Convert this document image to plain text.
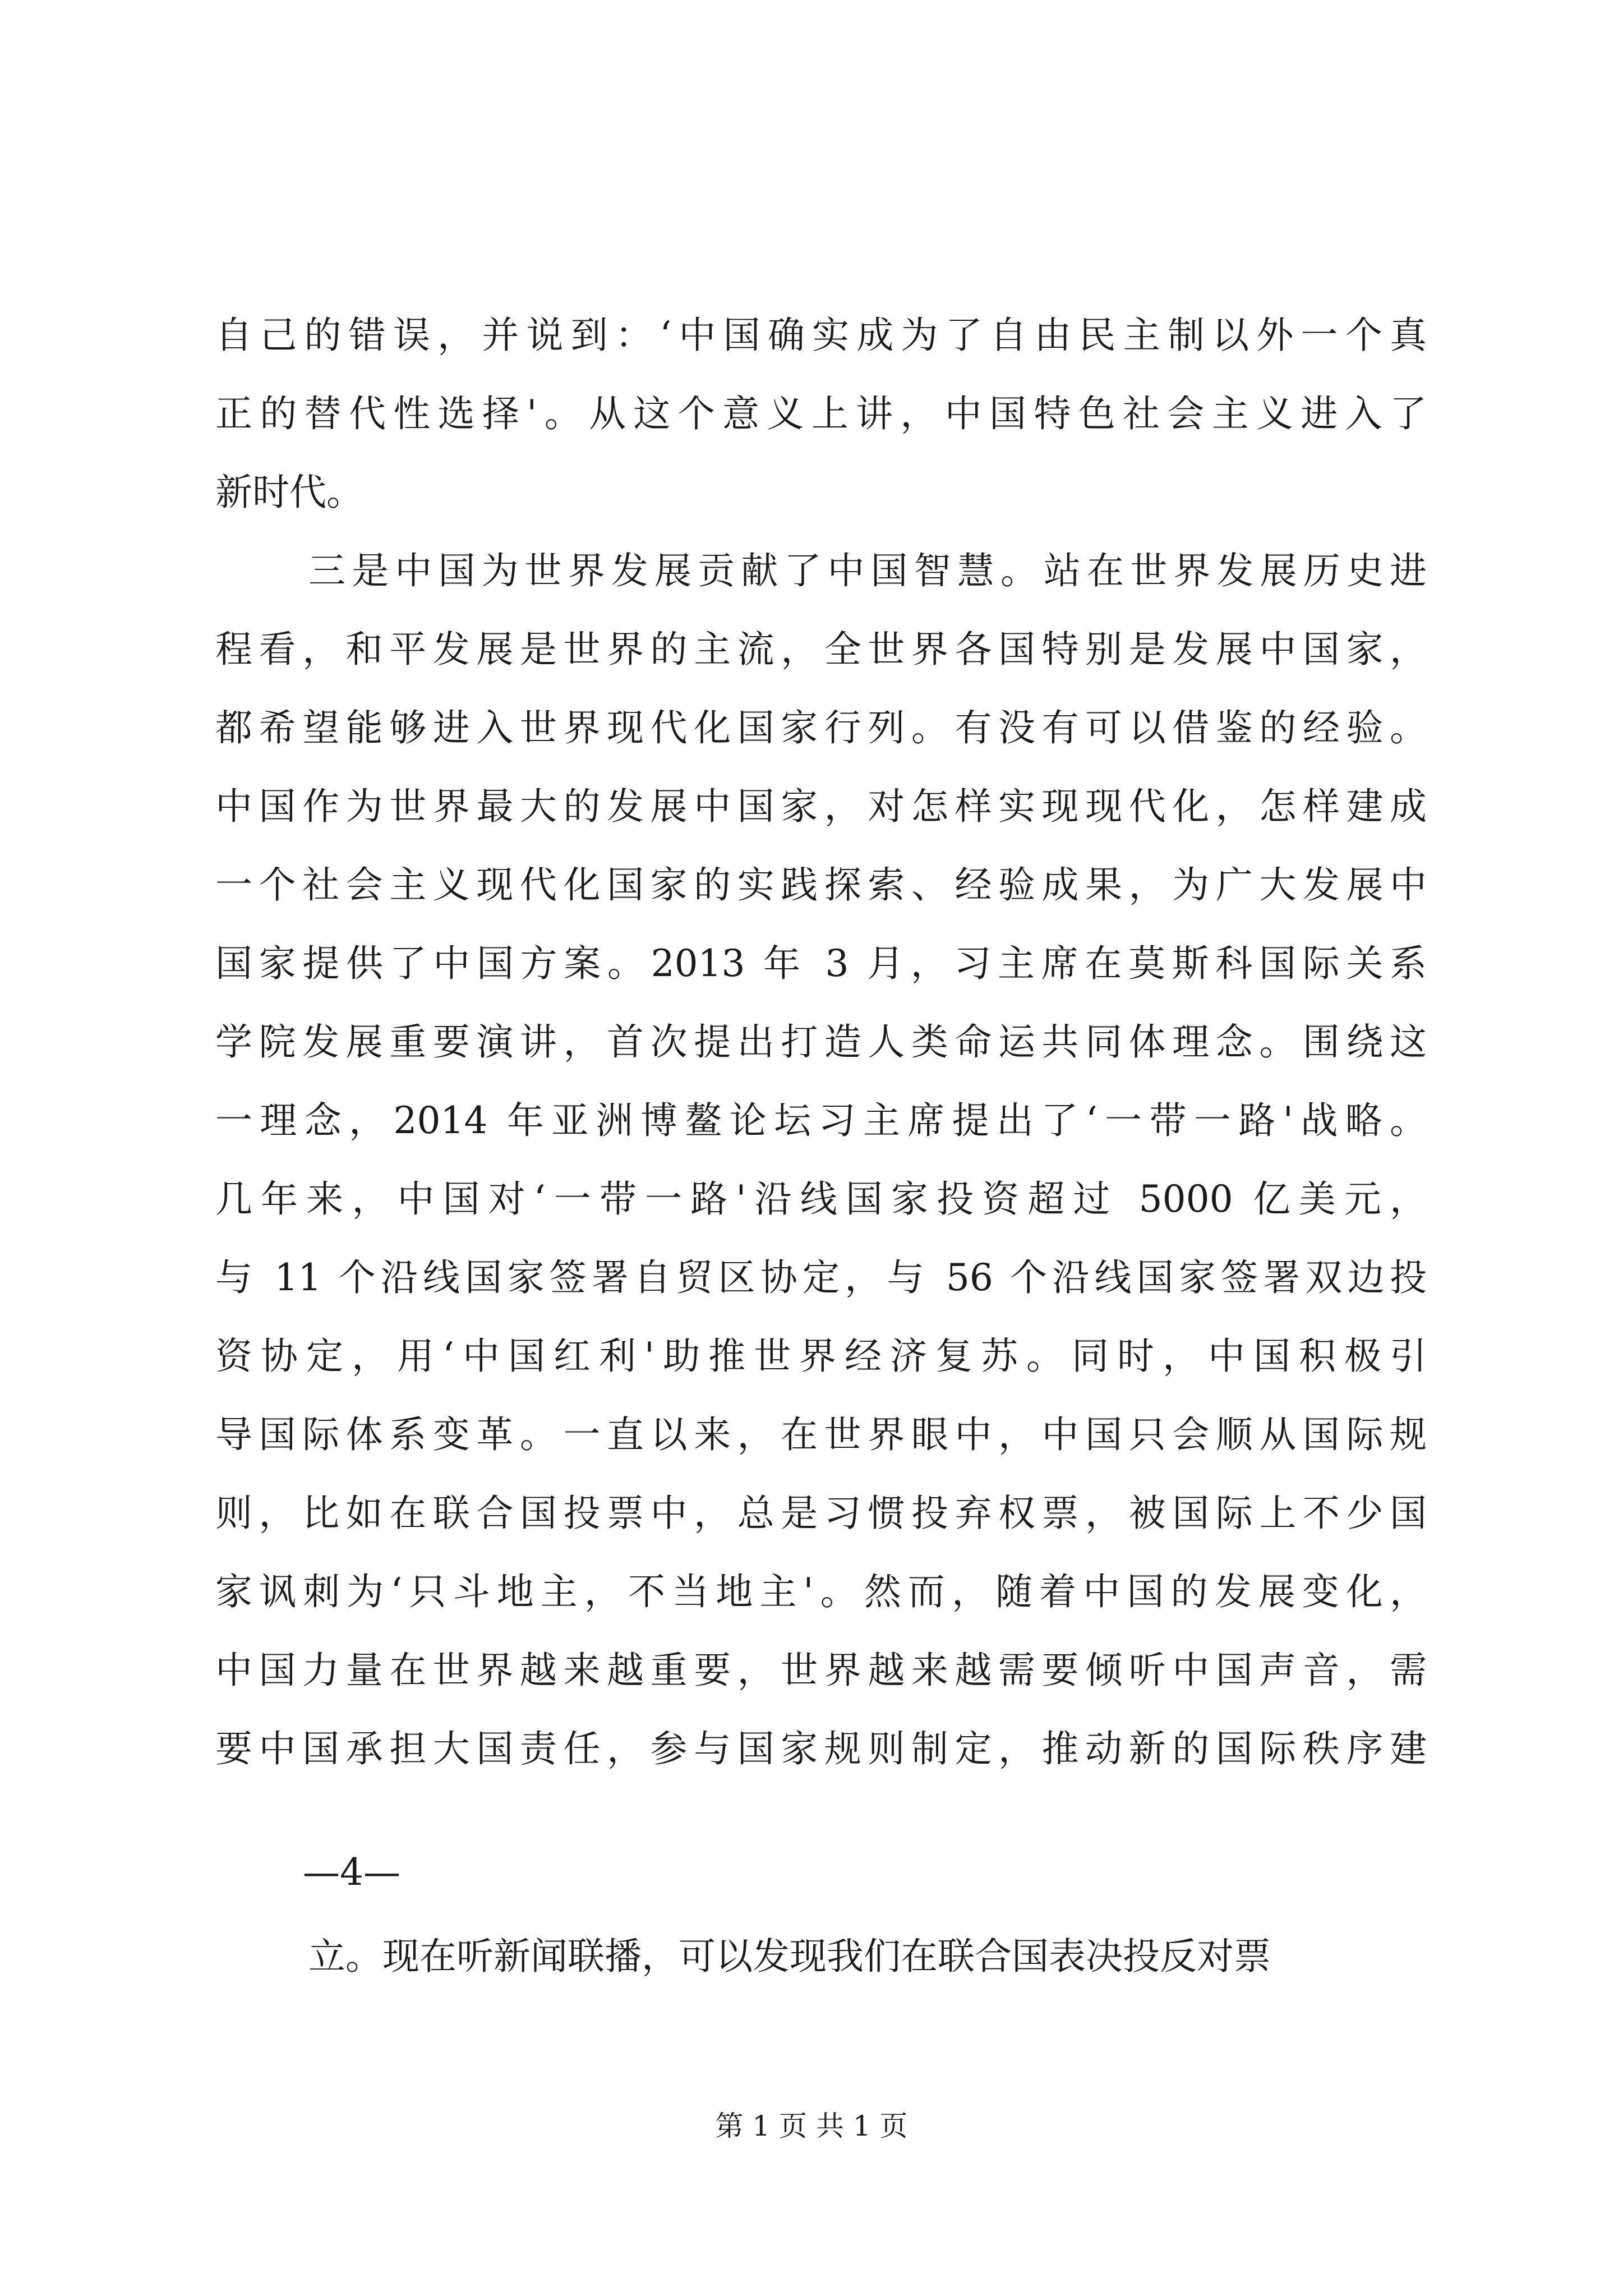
自己的错误，并说到：‘中国确实成为了自由民主制以外一个真
正的替代性选择'。从这个意义上讲，中国特色社会主义进入了
新时代。
三是中国为世界发展贡献了中国智慧。站在世界发展历史进
程看，和平发展是世界的主流，全世界各国特别是发展中国家，
都希望能够进入世界现代化国家行列。有没有可以借鉴的经验。
中国作为世界最大的发展中国家，对怎样实现现代化，怎样建成
一个社会主义现代化国家的实践探索、经验成果，为广大发展中
国家提供了中国方案。2013 年 3 月，习主席在莫斯科国际关系
学院发展重要演讲，首次提出打造人类命运共同体理念。围绕这
一理念，2014 年亚洲博鳌论坛习主席提出了‘一带一路'战略。
几年来，中国对‘一带一路'沿线国家投资超过 5000 亿美元，
与 11 个沿线国家签署自贸区协定，与 56 个沿线国家签署双边投
资协定，用‘中国红利'助推世界经济复苏。同时，中国积极引
导国际体系变革。一直以来，在世界眼中，中国只会顺从国际规
则，比如在联合国投票中，总是习惯投弃权票，被国际上不少国
家讽刺为‘只斗地主，不当地主'。然而，随着中国的发展变化，
中国力量在世界越来越重要，世界越来越需要倾听中国声音，需
要中国承担大国责任，参与国家规则制定，推动新的国际秩序建
—4—
立。现在听新闻联播，可以发现我们在联合国表决投反对票
第 1 页 共 1 页
